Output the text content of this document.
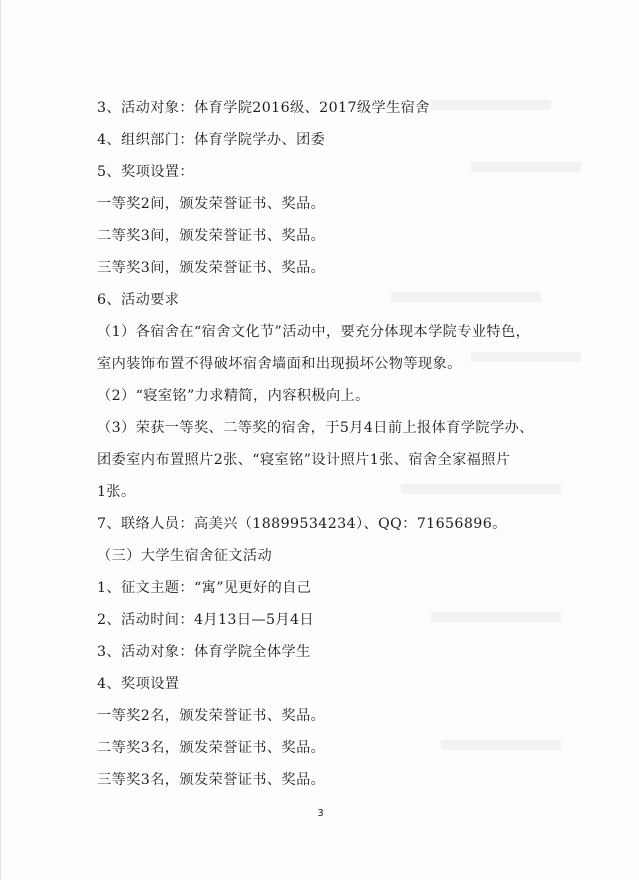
3、活动对象：体育学院2016级、2017级学生宿舍
4、组织部门：体育学院学办、团委
5、奖项设置：
一等奖2间，颁发荣誉证书、奖品。
二等奖3间，颁发荣誉证书、奖品。
三等奖3间，颁发荣誉证书、奖品。
6、活动要求
（1）各宿舍在“宿舍文化节”活动中，要充分体现本学院专业特色，
室内装饰布置不得破坏宿舍墙面和出现损坏公物等现象。
（2）“寝室铭”力求精简，内容积极向上。
（3）荣获一等奖、二等奖的宿舍，于5月4日前上报体育学院学办、
团委室内布置照片2张、“寝室铭”设计照片1张、宿舍全家福照片
1张。
7、联络人员：高美兴（18899534234）、QQ：71656896。
（三）大学生宿舍征文活动
1、征文主题：“寓”见更好的自己
2、活动时间：4月13日—5月4日
3、活动对象：体育学院全体学生
4、奖项设置
一等奖2名，颁发荣誉证书、奖品。
二等奖3名，颁发荣誉证书、奖品。
三等奖3名，颁发荣誉证书、奖品。
3
